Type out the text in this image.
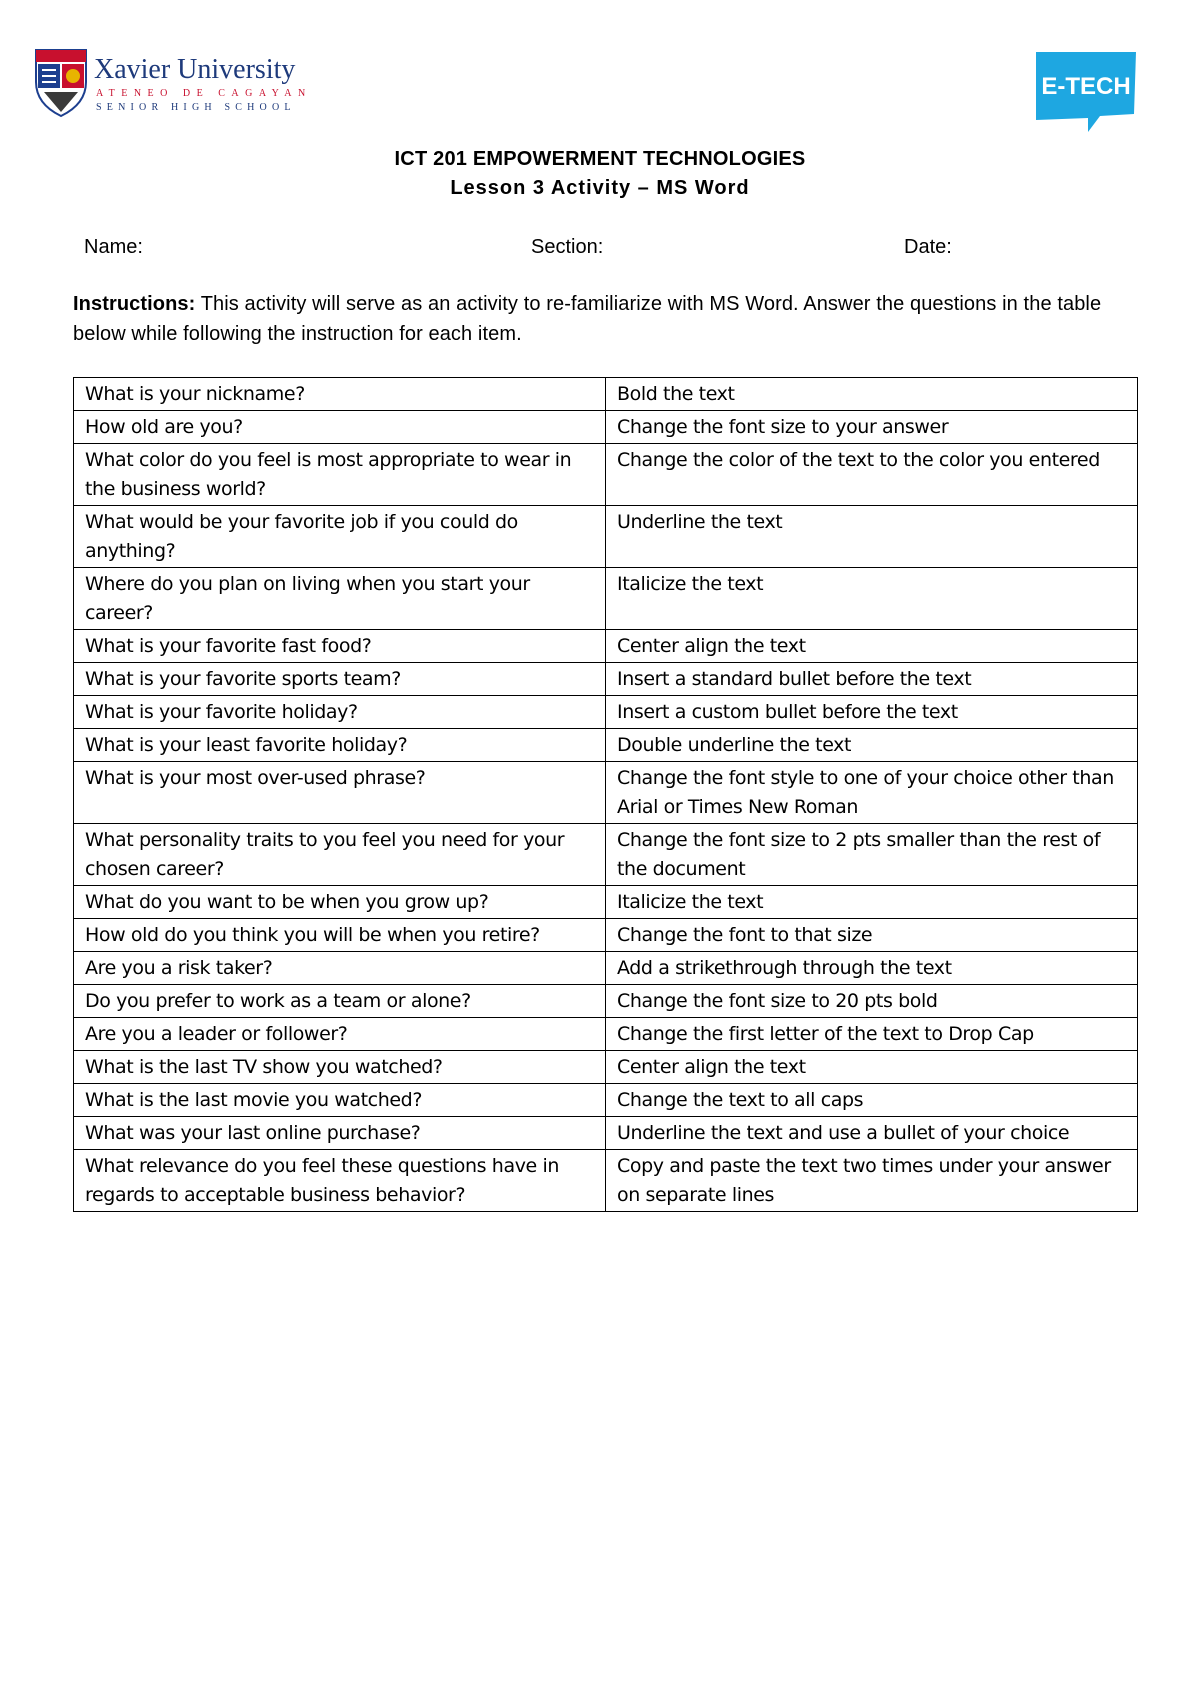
Xavier University
ATENEO DE CAGAYAN
SENIOR HIGH SCHOOL
E-TECH
ICT 201 EMPOWERMENT TECHNOLOGIES
Lesson 3 Activity – MS Word
Name:	Section:	Date:
Instructions: This activity will serve as an activity to re-familiarize with MS Word. Answer the questions in the table below while following the instruction for each item.
What is your nickname?	Bold the text
How old are you?	Change the font size to your answer
What color do you feel is most appropriate to wear in the business world?	Change the color of the text to the color you entered
What would be your favorite job if you could do anything?	Underline the text
Where do you plan on living when you start your career?	Italicize the text
What is your favorite fast food?	Center align the text
What is your favorite sports team?	Insert a standard bullet before the text
What is your favorite holiday?	Insert a custom bullet before the text
What is your least favorite holiday?	Double underline the text
What is your most over-used phrase?	Change the font style to one of your choice other than Arial or Times New Roman
What personality traits to you feel you need for your chosen career?	Change the font size to 2 pts smaller than the rest of the document
What do you want to be when you grow up?	Italicize the text
How old do you think you will be when you retire?	Change the font to that size
Are you a risk taker?	Add a strikethrough through the text
Do you prefer to work as a team or alone?	Change the font size to 20 pts bold
Are you a leader or follower?	Change the first letter of the text to Drop Cap
What is the last TV show you watched?	Center align the text
What is the last movie you watched?	Change the text to all caps
What was your last online purchase?	Underline the text and use a bullet of your choice
What relevance do you feel these questions have in regards to acceptable business behavior?	Copy and paste the text two times under your answer on separate lines
